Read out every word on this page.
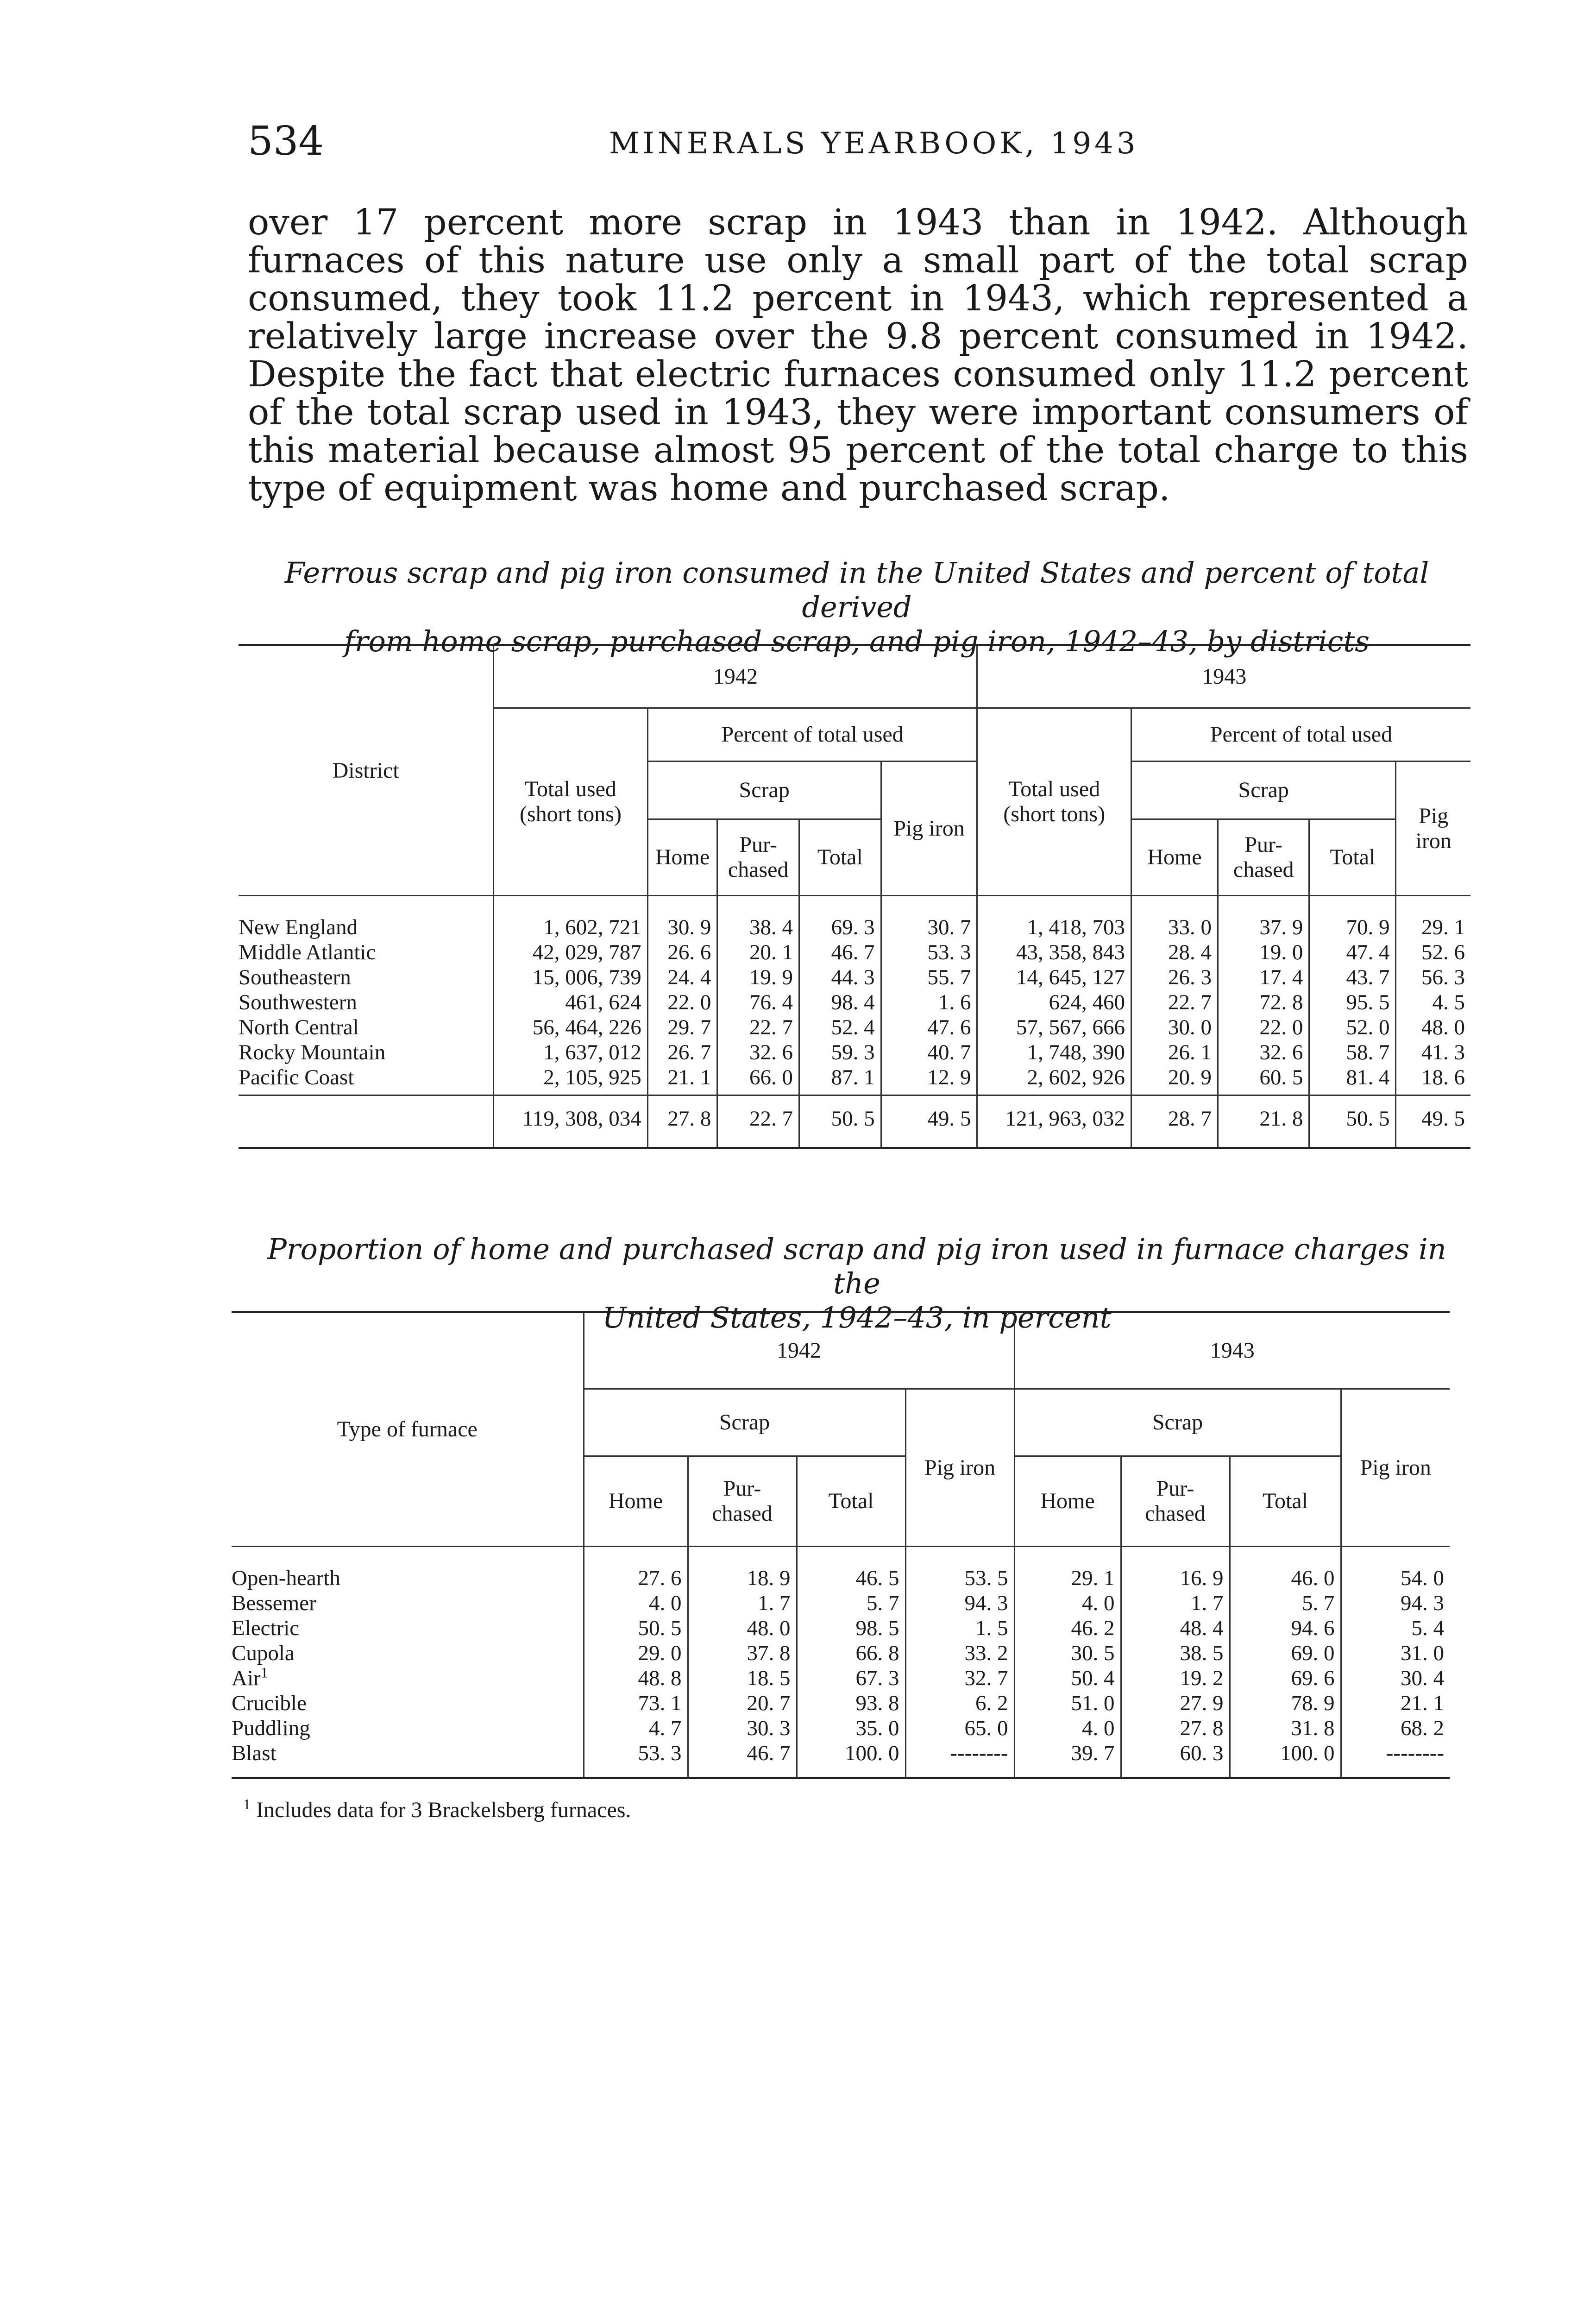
534	MINERALS YEARBOOK, 1943

over 17 percent more scrap in 1943 than in 1942. Although furnaces of this nature use only a small part of the total scrap consumed, they took 11.2 percent in 1943, which represented a relatively large increase over the 9.8 percent consumed in 1942. Despite the fact that electric furnaces consumed only 11.2 percent of the total scrap used in 1943, they were important consumers of this material because almost 95 percent of the total charge to this type of equipment was home and purchased scrap.

Ferrous scrap and pig iron consumed in the United States and percent of total derived
from home scrap, purchased scrap, and pig iron, 1942–43, by districts
District	1942					1943				
	Total used (short tons)	Percent of total used				Total used (short tons)	Percent of total used			
		Scrap			Pig iron		Scrap			Pig iron
		Home	Pur- chased	Total			Home	Pur- chased	Total	
New England	1, 602, 721	30. 9	38. 4	69. 3	30. 7	1, 418, 703	33. 0	37. 9	70. 9	29. 1
Middle Atlantic	42, 029, 787	26. 6	20. 1	46. 7	53. 3	43, 358, 843	28. 4	19. 0	47. 4	52. 6
Southeastern	15, 006, 739	24. 4	19. 9	44. 3	55. 7	14, 645, 127	26. 3	17. 4	43. 7	56. 3
Southwestern	461, 624	22. 0	76. 4	98. 4	1. 6	624, 460	22. 7	72. 8	95. 5	4. 5
North Central	56, 464, 226	29. 7	22. 7	52. 4	47. 6	57, 567, 666	30. 0	22. 0	52. 0	48. 0
Rocky Mountain	1, 637, 012	26. 7	32. 6	59. 3	40. 7	1, 748, 390	26. 1	32. 6	58. 7	41. 3
Pacific Coast	2, 105, 925	21. 1	66. 0	87. 1	12. 9	2, 602, 926	20. 9	60. 5	81. 4	18. 6
	119, 308, 034	27. 8	22. 7	50. 5	49. 5	121, 963, 032	28. 7	21. 8	50. 5	49. 5
Proportion of home and purchased scrap and pig iron used in furnace charges in the
United States, 1942–43, in percent
Type of furnace	1942				1943			
	Scrap			Pig iron	Scrap			Pig iron
	Home	Pur- chased	Total		Home	Pur- chased	Total	
Open-hearth	27. 6	18. 9	46. 5	53. 5	29. 1	16. 9	46. 0	54. 0
Bessemer	4. 0	1. 7	5. 7	94. 3	4. 0	1. 7	5. 7	94. 3
Electric	50. 5	48. 0	98. 5	1. 5	46. 2	48. 4	94. 6	5. 4
Cupola	29. 0	37. 8	66. 8	33. 2	30. 5	38. 5	69. 0	31. 0
Air$^1$	48. 8	18. 5	67. 3	32. 7	50. 4	19. 2	69. 6	30. 4
Crucible	73. 1	20. 7	93. 8	6. 2	51. 0	27. 9	78. 9	21. 1
Puddling	4. 7	30. 3	35. 0	65. 0	4. 0	27. 8	31. 8	68. 2
Blast	53. 3	46. 7	100. 0	--------	39. 7	60. 3	100. 0	--------
$^1$ Includes data for 3 Brackelsberg furnaces.
